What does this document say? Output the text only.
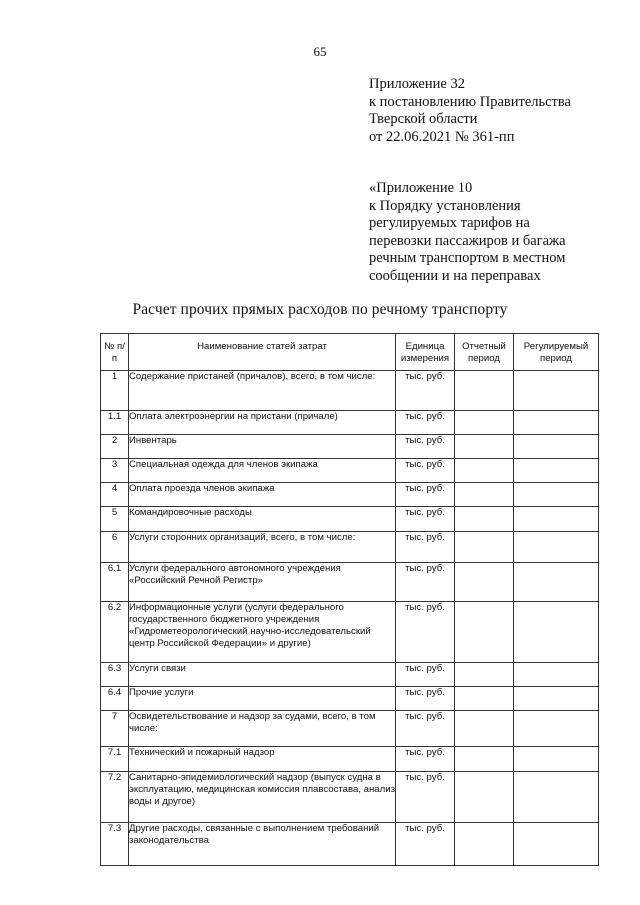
65
Приложение 32
к постановлению Правительства
Тверской области
от 22.06.2021 № 361-пп
«Приложение 10
к Порядку установления
регулируемых тарифов на
перевозки пассажиров и багажа
речным транспортом в местном
сообщении и на переправах
Расчет прочих прямых расходов по речному транспорту
№ п/п	Наименование статей затрат	Единица измерения	Отчетный период	Регулируемый период
1	Содержание пристаней (причалов), всего, в том числе:	тыс. руб.		
1.1	Оплата электроэнергии на пристани (причале)	тыс. руб.		
2	Инвентарь	тыс. руб.		
3	Специальная одежда для членов экипажа	тыс. руб.		
4	Оплата проезда членов экипажа	тыс. руб.		
5	Командировочные расходы	тыс. руб.		
6	Услуги сторонних организаций, всего, в том числе:	тыс. руб.		
6.1	Услуги федерального автономного учреждения «Российский Речной Регистр»	тыс. руб.		
6.2	Информационные услуги (услуги федерального государственного бюджетного учреждения «Гидрометеорологический научно-исследовательский центр Российской Федерации» и другие)	тыс. руб.		
6.3	Услуги связи	тыс. руб.		
6.4	Прочие услуги	тыс. руб.		
7	Освидетельствование и надзор за судами, всего, в том числе:	тыс. руб.		
7.1	Технический и пожарный надзор	тыс. руб.		
7.2	Санитарно-эпидемиологический надзор (выпуск судна в эксплуатацию, медицинская комиссия плавсостава, анализ воды и другое)	тыс. руб.		
7.3	Другие расходы, связанные с выполнением требований законодательства	тыс. руб.		
